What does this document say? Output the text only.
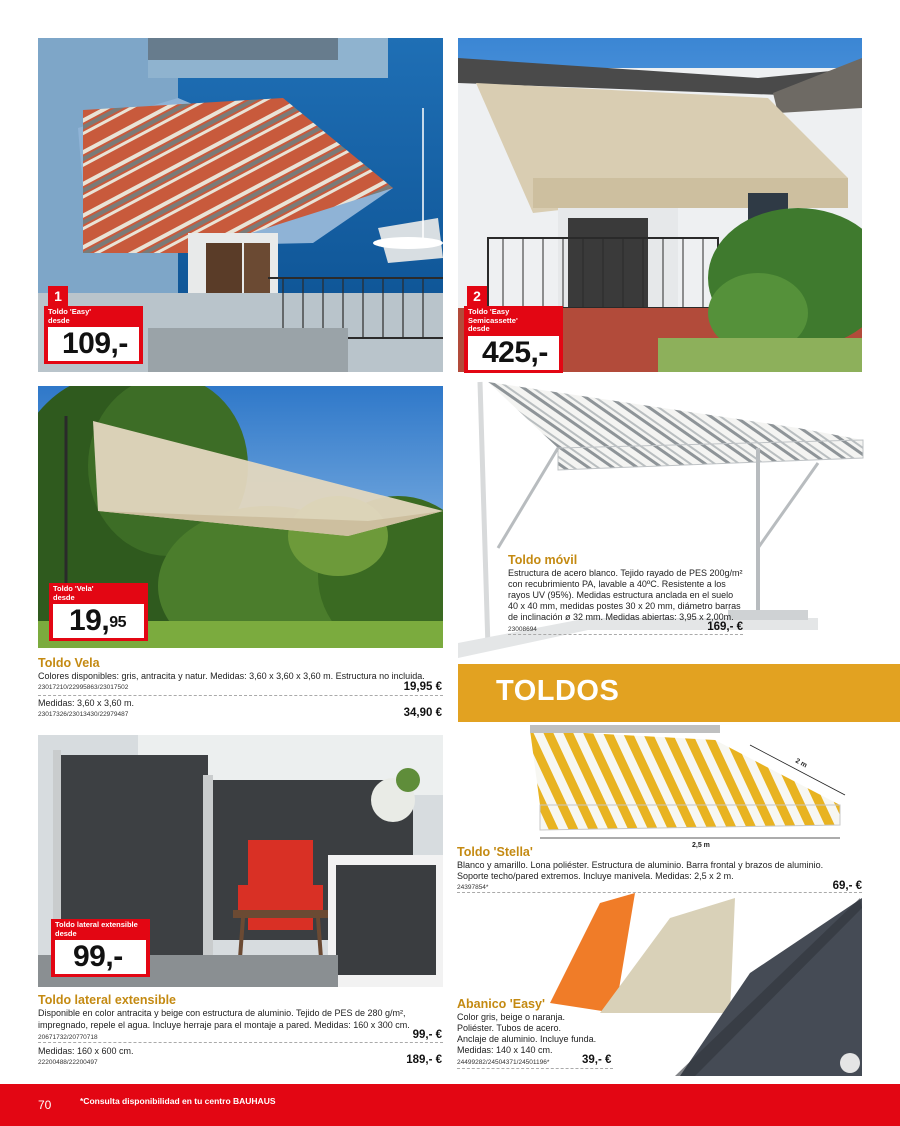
1
Toldo 'Easy'
desde
109,-
2
Toldo 'Easy Semicassette'
desde
425,-
Toldo 'Vela'
desde
19,95
Toldo Vela
Colores disponibles: gris, antracita y natur. Medidas: 3,60 x 3,60 x 3,60 m. Estructura no incluida.
23017210/22995863/23017502	19,95 €
Medidas: 3,60 x 3,60 m.
23017326/23013430/22979487	34,90 €
Toldo móvil
Estructura de acero blanco. Tejido rayado de PES 200g/m²
con recubrimiento PA, lavable a 40ºC. Resistente a los
rayos UV (95%). Medidas estructura anclada en el suelo
40 x 40 mm, medidas postes 30 x 20 mm, diámetro barras
de inclinación ø 32 mm. Medidas abiertas: 3,95 x 2,00m.
23008694	169,- €
TOLDOS
2 m
2,5 m
Toldo 'Stella'
Blanco y amarillo. Lona poliéster. Estructura de aluminio. Barra frontal y brazos de aluminio.
Soporte techo/pared extremos. Incluye manivela. Medidas: 2,5 x 2 m.
24397854*	69,- €
Toldo lateral extensible
desde
99,-
Toldo lateral extensible
Disponible en color antracita y beige con estructura de aluminio. Tejido de PES de 280 g/m²,
impregnado, repele el agua. Incluye herraje para el montaje a pared. Medidas: 160 x 300 cm.
20671732/20770718	99,- €
Medidas: 160 x 600 cm.
22200488/22200497	189,- €
Abanico 'Easy'
Color gris, beige o naranja.
Poliéster. Tubos de acero.
Anclaje de aluminio. Incluye funda.
Medidas: 140 x 140 cm.
24499282/24504371/24501196*	39,- €
70	*Consulta disponibilidad en tu centro BAUHAUS
